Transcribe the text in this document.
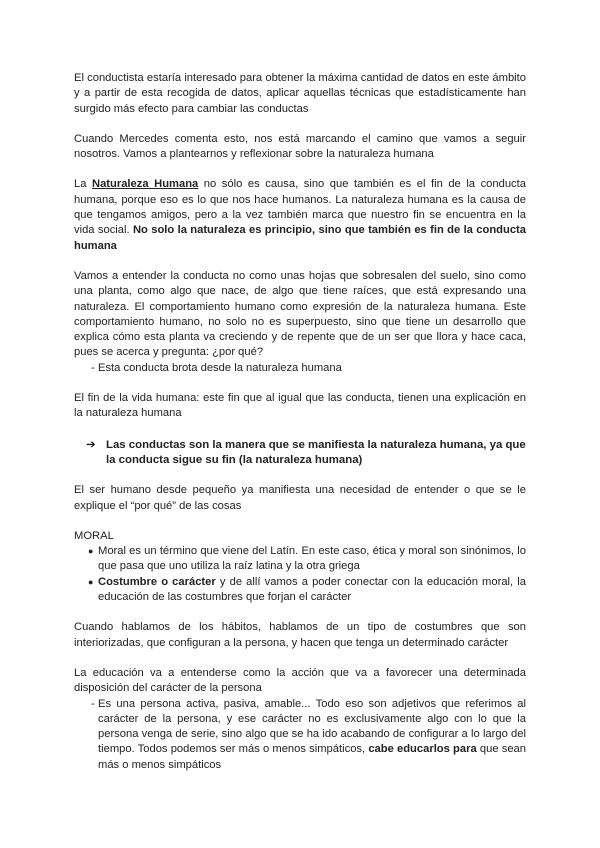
El conductista estaría interesado para obtener la máxima cantidad de datos en este ámbito y a partir de esta recogida de datos, aplicar aquellas técnicas que estadísticamente han surgido más efecto para cambiar las conductas

Cuando Mercedes comenta esto, nos está marcando el camino que vamos a seguir nosotros. Vamos a plantearnos y reflexionar sobre la naturaleza humana

La Naturaleza Humana no sólo es causa, sino que también es el fin de la conducta humana, porque eso es lo que nos hace humanos. La naturaleza humana es la causa de que tengamos amigos, pero a la vez también marca que nuestro fin se encuentra en la vida social. No solo la naturaleza es principio, sino que también es fin de la conducta humana

Vamos a entender la conducta no como unas hojas que sobresalen del suelo, sino como una planta, como algo que nace, de algo que tiene raíces, que está expresando una naturaleza. El comportamiento humano como expresión de la naturaleza humana. Este comportamiento humano, no solo no es superpuesto, sino que tiene un desarrollo que explica cómo esta planta va creciendo y de repente que de un ser que llora y hace caca, pues se acerca y pregunta: ¿por qué?

- Esta conducta brota desde la naturaleza humana

El fin de la vida humana: este fin que al igual que las conducta, tienen una explicación en la naturaleza humana

➔ Las conductas son la manera que se manifiesta la naturaleza humana, ya que la conducta sigue su fin (la naturaleza humana)

El ser humano desde pequeño ya manifiesta una necesidad de entender o que se le explique el “por qué” de las cosas

MORAL

● Moral es un término que viene del Latín. En este caso, ética y moral son sinónimos, lo que pasa que uno utiliza la raíz latina y la otra griega
● Costumbre o carácter y de allí vamos a poder conectar con la educación moral, la educación de las costumbres que forjan el carácter

Cuando hablamos de los hábitos, hablamos de un tipo de costumbres que son interiorizadas, que configuran a la persona, y hacen que tenga un determinado carácter

La educación va a entenderse como la acción que va a favorecer una determinada disposición del carácter de la persona

- Es una persona activa, pasiva, amable... Todo eso son adjetivos que referimos al carácter de la persona, y ese carácter no es exclusivamente algo con lo que la persona venga de serie, sino algo que se ha ido acabando de configurar a lo largo del tiempo. Todos podemos ser más o menos simpáticos, cabe educarlos para que sean más o menos simpáticos
